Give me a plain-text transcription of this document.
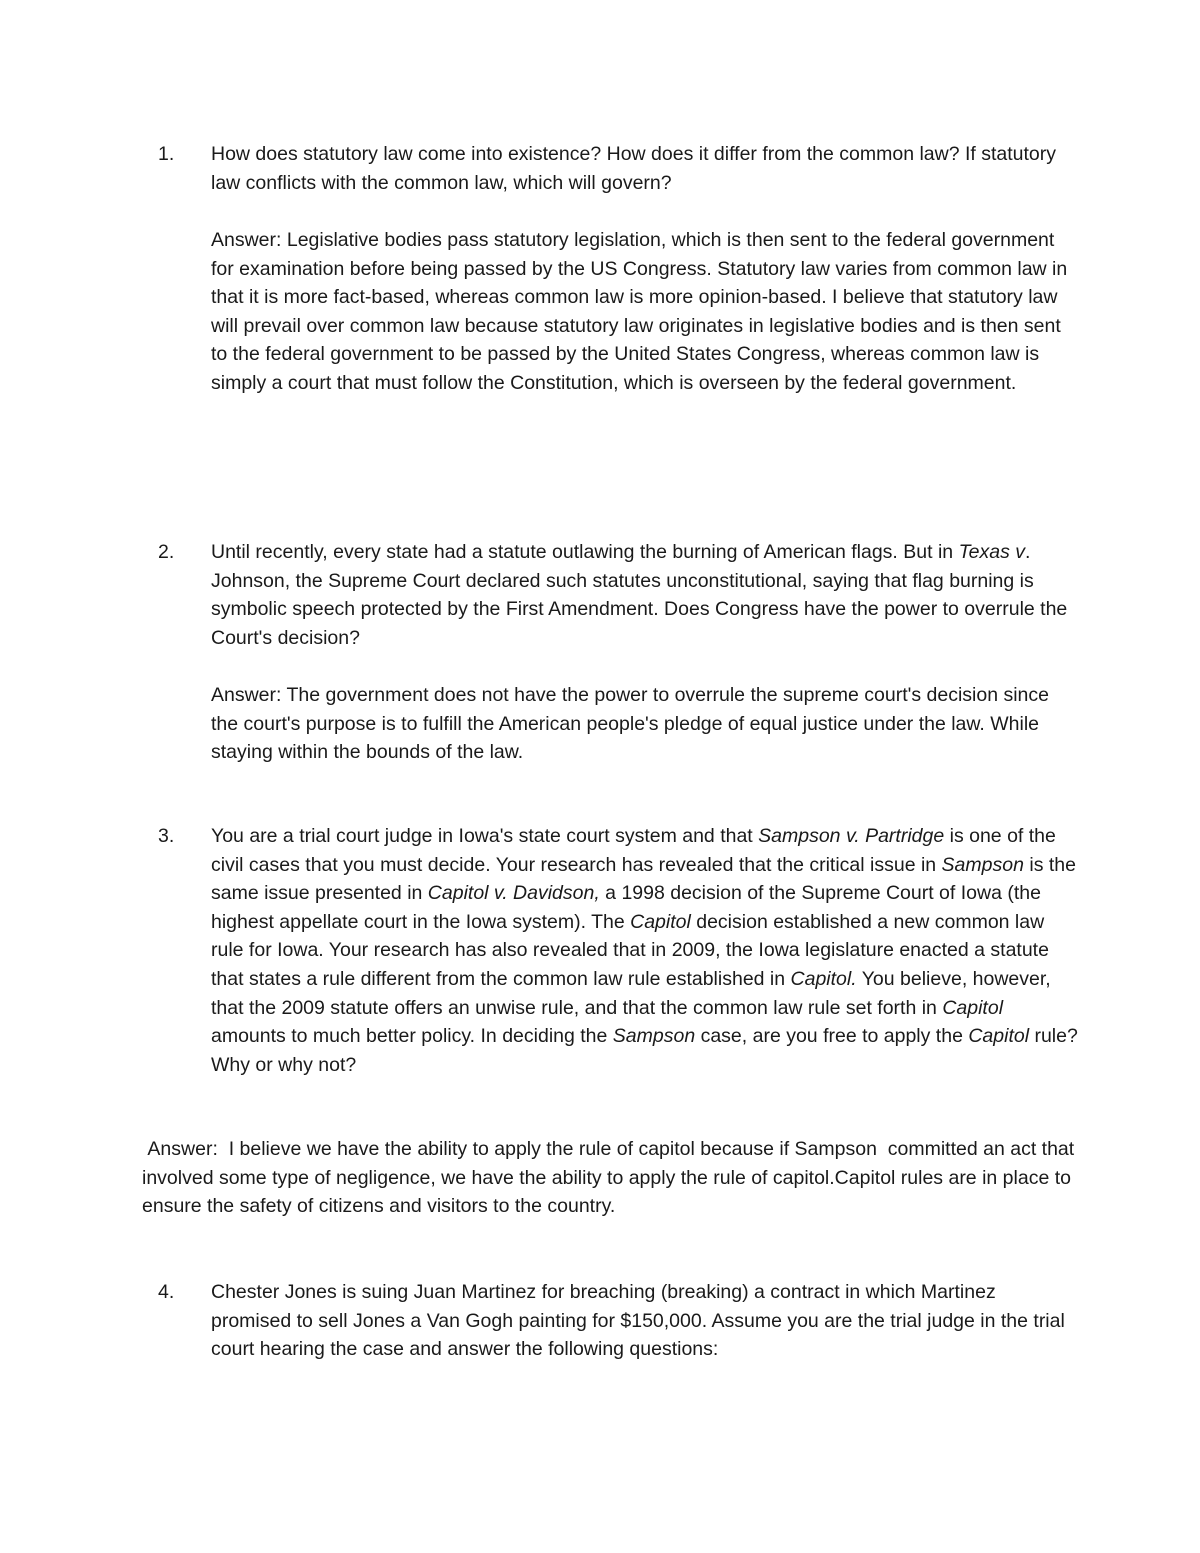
1.	How does statutory law come into existence? How does it differ from the common law? If statutory law conflicts with the common law, which will govern?

Answer: Legislative bodies pass statutory legislation, which is then sent to the federal government for examination before being passed by the US Congress. Statutory law varies from common law in that it is more fact-based, whereas common law is more opinion-based. I believe that statutory law will prevail over common law because statutory law originates in legislative bodies and is then sent to the federal government to be passed by the United States Congress, whereas common law is simply a court that must follow the Constitution, which is overseen by the federal government.

2.	Until recently, every state had a statute outlawing the burning of American flags. But in Texas v. Johnson, the Supreme Court declared such statutes unconstitutional, saying that flag burning is symbolic speech protected by the First Amendment. Does Congress have the power to overrule the Court's decision?

Answer: The government does not have the power to overrule the supreme court's decision since the court's purpose is to fulfill the American people's pledge of equal justice under the law. While staying within the bounds of the law.

3.	You are a trial court judge in Iowa's state court system and that Sampson v. Partridge is one of the civil cases that you must decide. Your research has revealed that the critical issue in Sampson is the same issue presented in Capitol v. Davidson, a 1998 decision of the Supreme Court of Iowa (the highest appellate court in the Iowa system). The Capitol decision established a new common law rule for Iowa. Your research has also revealed that in 2009, the Iowa legislature enacted a statute that states a rule different from the common law rule established in Capitol. You believe, however, that the 2009 statute offers an unwise rule, and that the common law rule set forth in Capitol amounts to much better policy. In deciding the Sampson case, are you free to apply the Capitol rule? Why or why not?

Answer:  I believe we have the ability to apply the rule of capitol because if Sampson  committed an act that involved some type of negligence, we have the ability to apply the rule of capitol.Capitol rules are in place to ensure the safety of citizens and visitors to the country.

4.	Chester Jones is suing Juan Martinez for breaching (breaking) a contract in which Martinez promised to sell Jones a Van Gogh painting for $150,000. Assume you are the trial judge in the trial court hearing the case and answer the following questions:
